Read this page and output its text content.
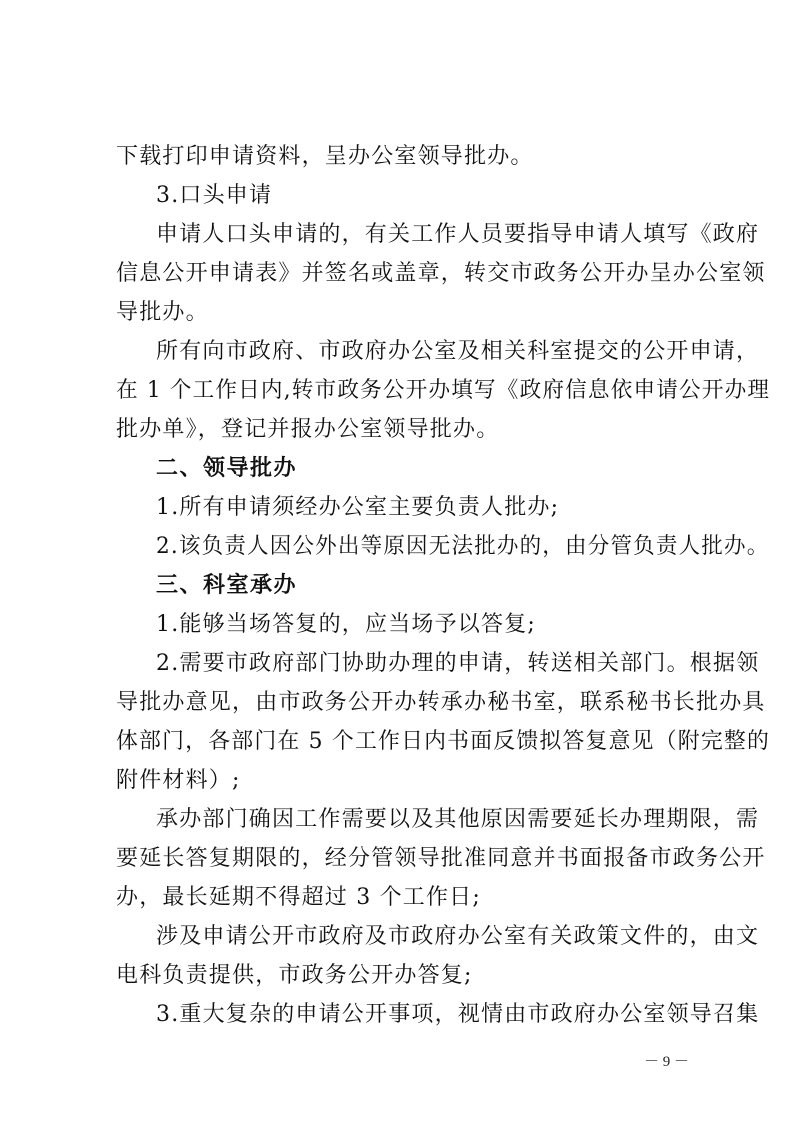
下载打印申请资料，呈办公室领导批办。
3.口头申请
申请人口头申请的，有关工作人员要指导申请人填写《政府
信息公开申请表》并签名或盖章，转交市政务公开办呈办公室领
导批办。
所有向市政府、市政府办公室及相关科室提交的公开申请，
在 1 个工作日内,转市政务公开办填写《政府信息依申请公开办理
批办单》，登记并报办公室领导批办。
二、领导批办
1.所有申请须经办公室主要负责人批办;
2.该负责人因公外出等原因无法批办的，由分管负责人批办。
三、科室承办
1.能够当场答复的，应当场予以答复;
2.需要市政府部门协助办理的申请，转送相关部门。根据领
导批办意见，由市政务公开办转承办秘书室，联系秘书长批办具
体部门，各部门在 5 个工作日内书面反馈拟答复意见（附完整的
附件材料）;
承办部门确因工作需要以及其他原因需要延长办理期限，需
要延长答复期限的，经分管领导批准同意并书面报备市政务公开
办，最长延期不得超过 3 个工作日;
涉及申请公开市政府及市政府办公室有关政策文件的，由文
电科负责提供，市政务公开办答复;
3.重大复杂的申请公开事项，视情由市政府办公室领导召集
－ 9 －
